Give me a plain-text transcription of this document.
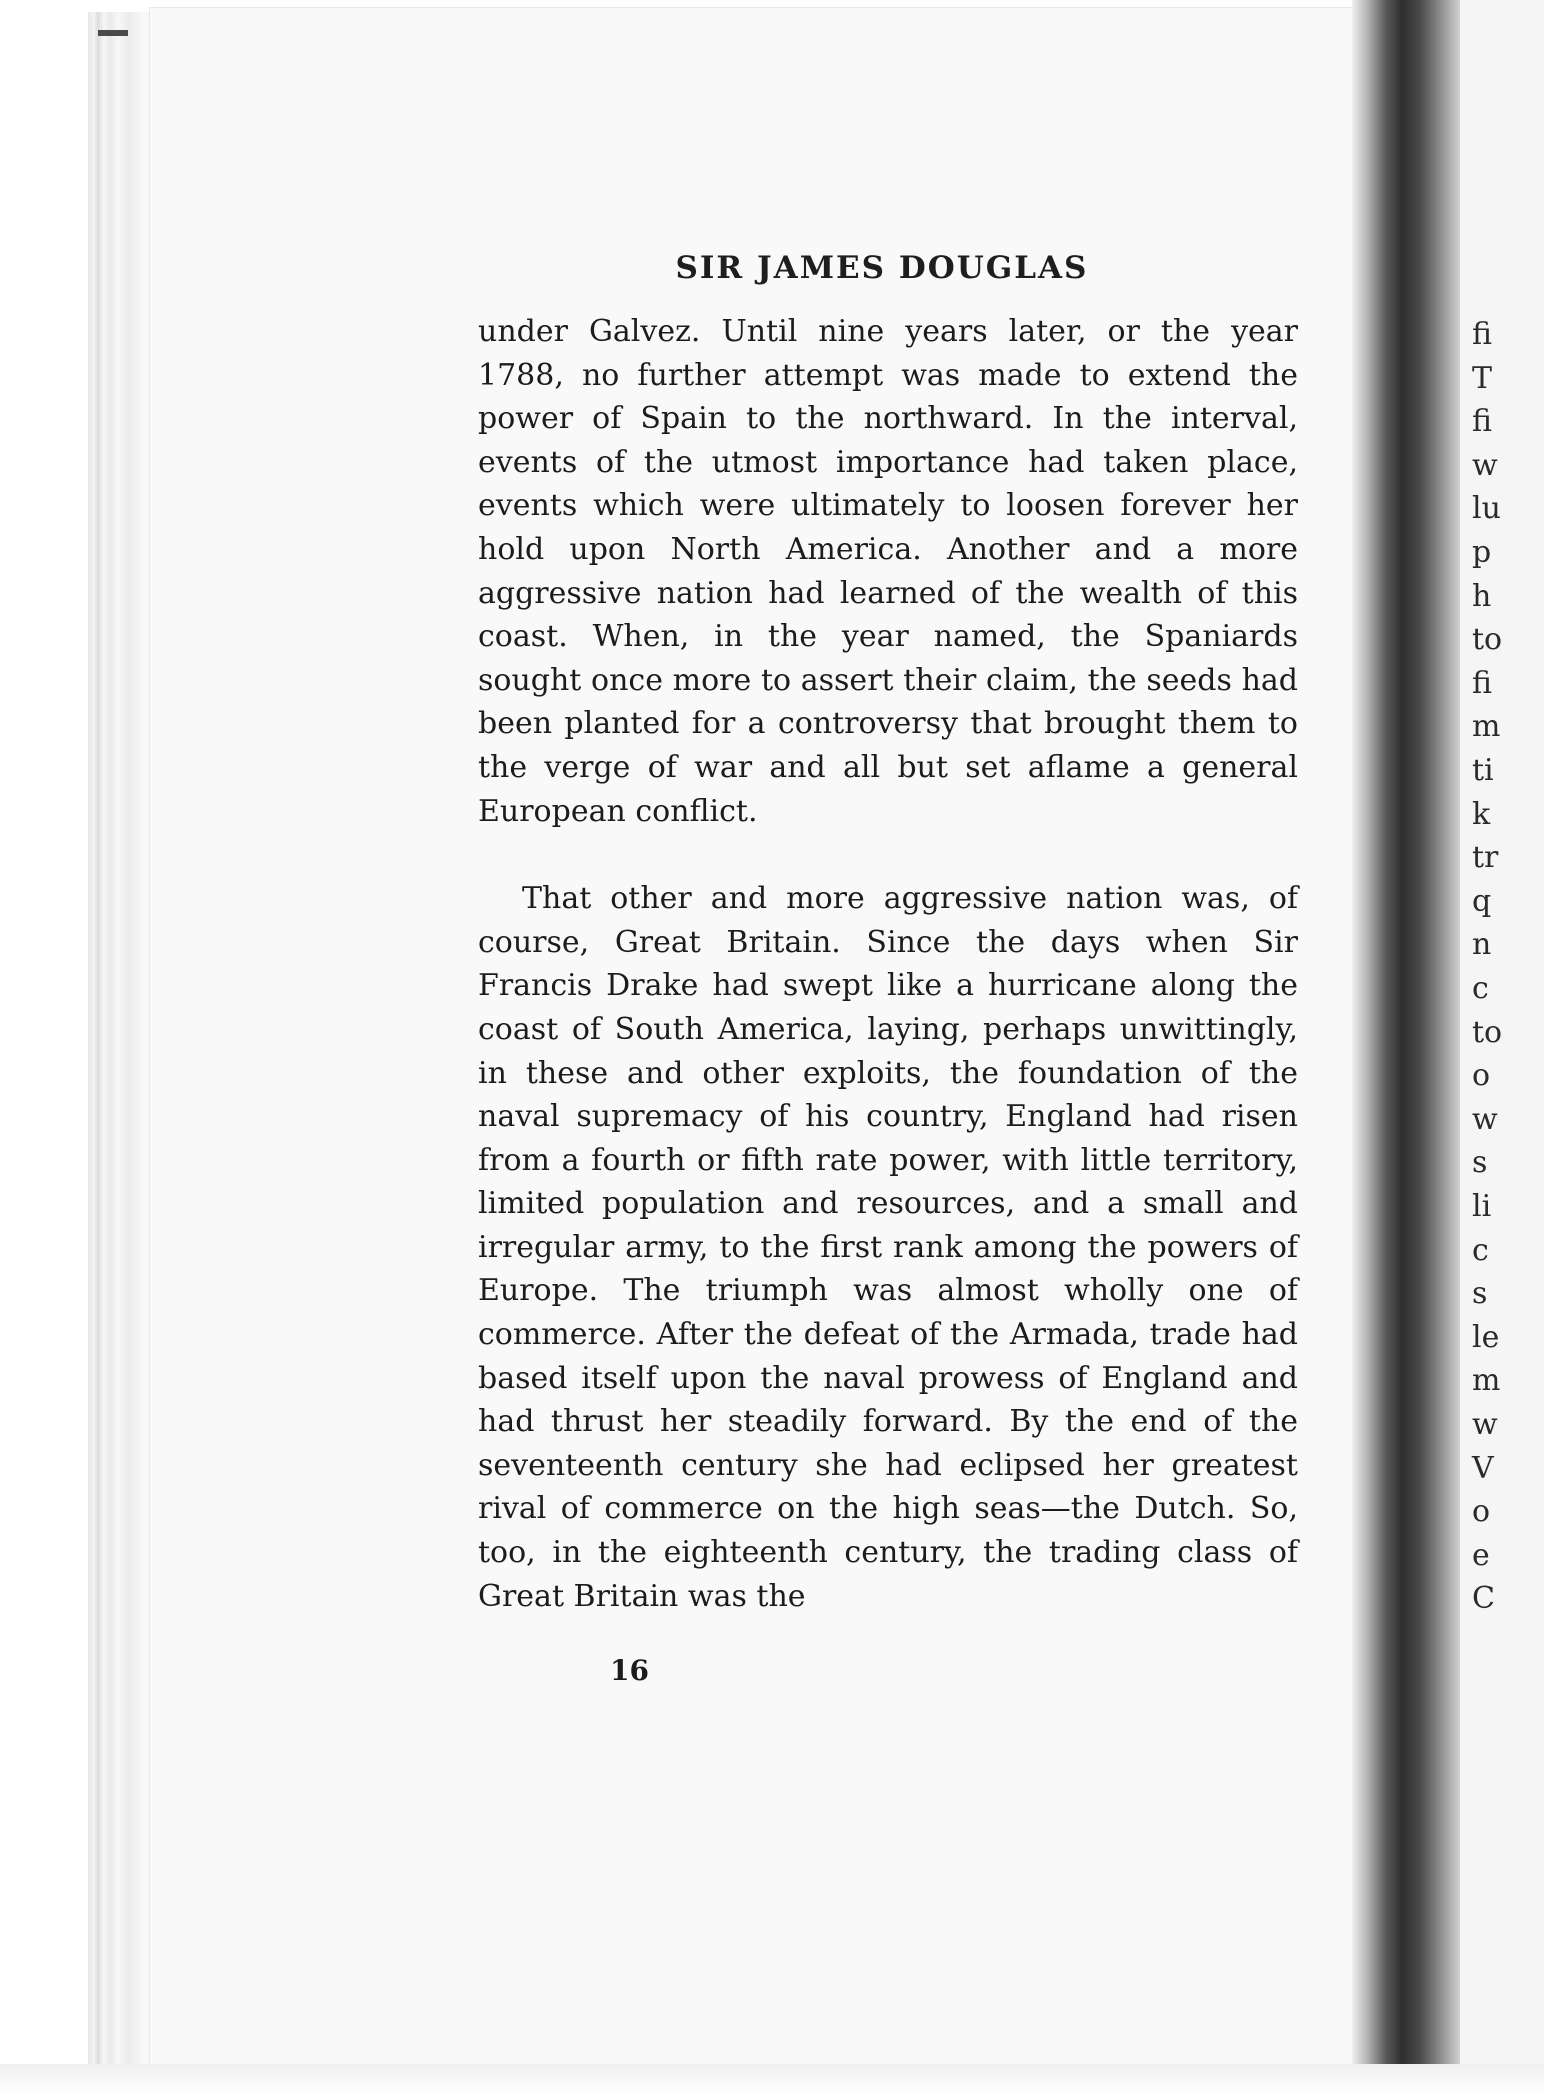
fi
T
fi
w
lu
p
h
to
fi
m
ti
k
tr
q
n
c
to
o
w
s
li
c
s
le
m
w
V
o
e
C
SIR JAMES DOUGLAS

under Galvez. Until nine years later, or the year 1788, no further attempt was made to extend the power of Spain to the northward. In the interval, events of the utmost importance had taken place, events which were ultimately to loosen forever her hold upon North America. Another and a more aggressive nation had learned of the wealth of this coast. When, in the year named, the Spaniards sought once more to assert their claim, the seeds had been planted for a controversy that brought them to the verge of war and all but set aflame a general European conflict.

That other and more aggressive nation was, of course, Great Britain. Since the days when Sir Francis Drake had swept like a hurricane along the coast of South America, laying, perhaps unwittingly, in these and other exploits, the foundation of the naval supremacy of his country, England had risen from a fourth or fifth rate power, with little territory, limited population and resources, and a small and irregular army, to the first rank among the powers of Europe. The triumph was almost wholly one of commerce. After the defeat of the Armada, trade had based itself upon the naval prowess of England and had thrust her steadily forward. By the end of the seventeenth century she had eclipsed her greatest rival of commerce on the high seas—the Dutch. So, too, in the eighteenth century, the trading class of Great Britain was the

16
